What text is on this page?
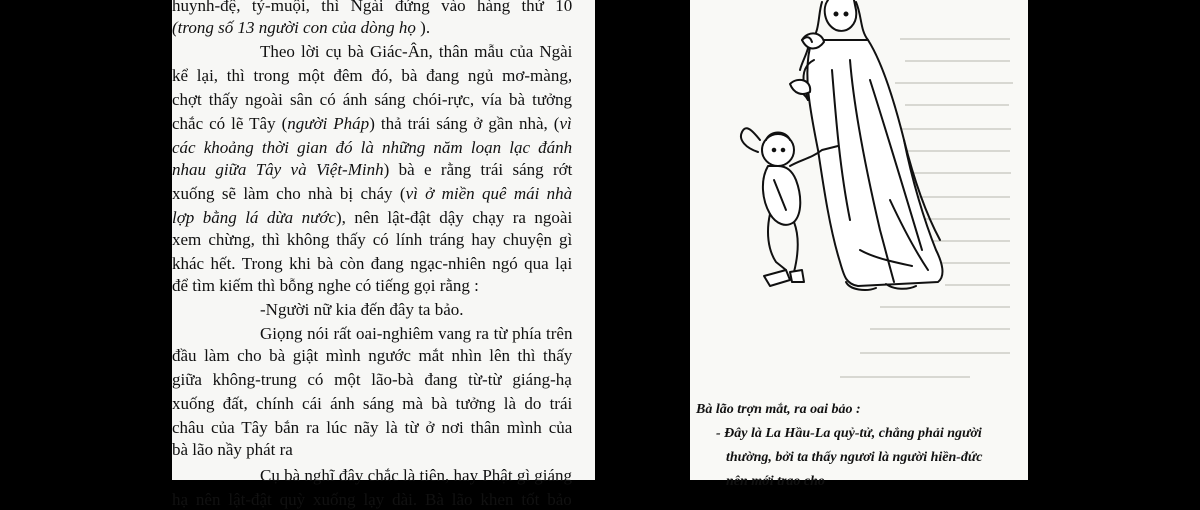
huynh-đệ, tỷ-muội, thì Ngài đứng vào hàng thứ 10
(trong số 13 người con của dòng họ ).
Theo lời cụ bà Giác-Ân, thân mẫu của Ngài
kể lại, thì trong một đêm đó, bà đang ngủ mơ-màng,
chợt thấy ngoài sân có ánh sáng chói-rực, vía bà tưởng
chắc có lẽ Tây (người Pháp) thả trái sáng ở gần nhà, (vì
các khoảng thời gian đó là những năm loạn lạc đánh
nhau giữa Tây và Việt-Minh) bà e rằng trái sáng rớt
xuống sẽ làm cho nhà bị cháy (vì ở miền quê mái nhà
lợp bằng lá dừa nước), nên lật-đật dậy chạy ra ngoài
xem chừng, thì không thấy có lính tráng hay chuyện gì
khác hết. Trong khi bà còn đang ngạc-nhiên ngó qua lại
để tìm kiếm thì bỗng nghe có tiếng gọi rằng :
-Người nữ kia đến đây ta bảo.
Giọng nói rất oai-nghiêm vang ra từ phía trên
đầu làm cho bà giật mình ngước mắt nhìn lên thì thấy
giữa không-trung có một lão-bà đang từ-từ giáng-hạ
xuống đất, chính cái ánh sáng mà bà tưởng là do trái
châu của Tây bắn ra lúc nãy là từ ở nơi thân mình của
bà lão nầy phát ra
Cụ bà nghĩ đây chắc là tiên, hay Phật gì giáng
hạ nên lật-đật quỳ xuống lạy dài. Bà lão khen tốt bảo
Bà lão trợn mắt, ra oai bảo :
- Đây là La Hầu-La quỷ-tử, chẳng phải người
thường, bởi ta thấy ngươi là người hiền-đức
nên mới trao cho
